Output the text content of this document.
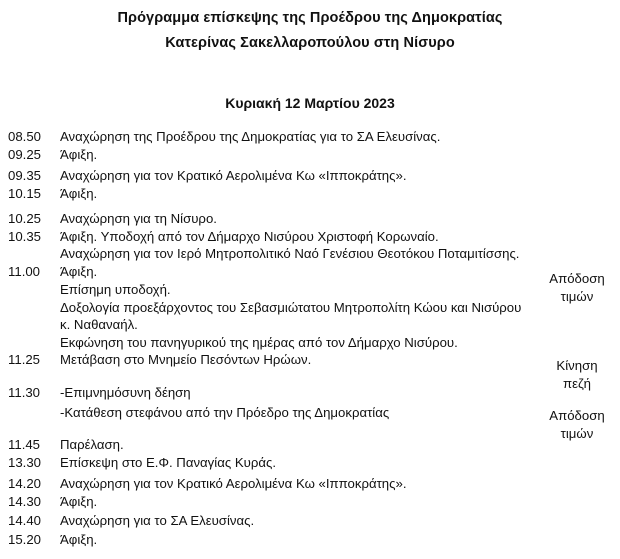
Πρόγραμμα επίσκεψης της Προέδρου της Δημοκρατίας
Κατερίνας Σακελλαροπούλου στη Νίσυρο
Κυριακή 12 Μαρτίου 2023
08.50 Αναχώρηση της Προέδρου της Δημοκρατίας για το ΣΑ Ελευσίνας.
09.25 Άφιξη.
09.35 Αναχώρηση για τον Κρατικό Αερολιμένα Κω «Ιπποκράτης».
10.15 Άφιξη.
10.25 Αναχώρηση για τη Νίσυρο.
10.35 Άφιξη. Υποδοχή από τον Δήμαρχο Νισύρου Χριστοφή Κορωναίο.
Αναχώρηση για τον Ιερό Μητροπολιτικό Ναό Γενέσιου Θεοτόκου Ποταμιτίσσης.
11.00 Άφιξη.
Επίσημη υποδοχή.
Δοξολογία προεξάρχοντος του Σεβασμιώτατου Μητροπολίτη Κώου και Νισύρου
κ. Ναθαναήλ.
Εκφώνηση του πανηγυρικού της ημέρας από τον Δήμαρχο Νισύρου.
11.25 Μετάβαση στο Μνημείο Πεσόντων Ηρώων.
11.30 -Επιμνημόσυνη δέηση
-Κατάθεση στεφάνου από την Πρόεδρο της Δημοκρατίας
11.45 Παρέλαση.
13.30 Επίσκεψη στο Ε.Φ. Παναγίας Κυράς.
14.20 Αναχώρηση για τον Κρατικό Αερολιμένα Κω «Ιπποκράτης».
14.30 Άφιξη.
14.40 Αναχώρηση για το ΣΑ Ελευσίνας.
15.20 Άφιξη.
Απόδοση
τιμών
Κίνηση
πεζή
Απόδοση
τιμών
